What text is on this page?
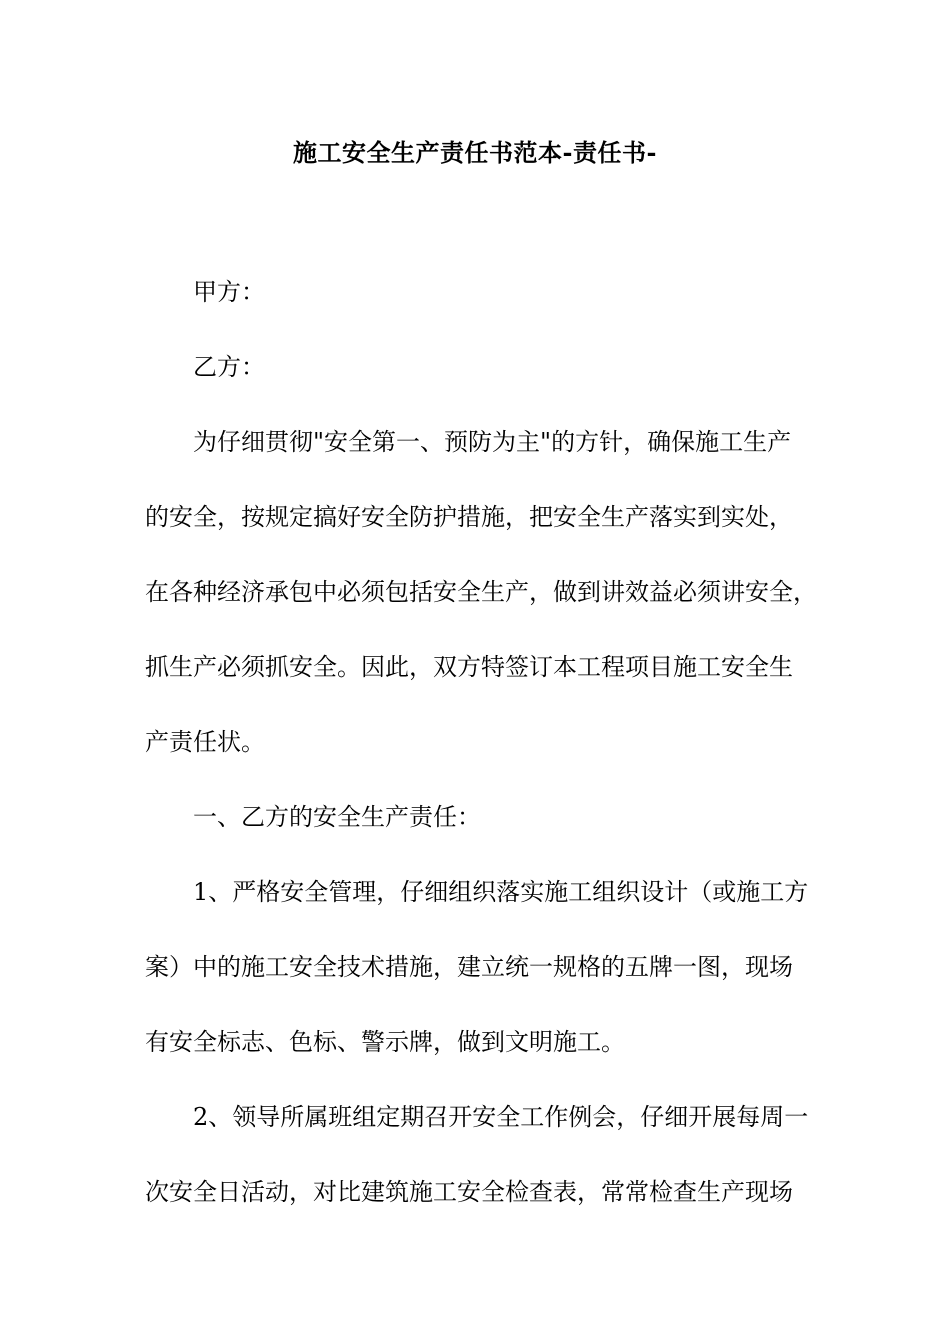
施工安全生产责任书范本-责任书-

甲方：

乙方：

为仔细贯彻"安全第一、预防为主"的方针，确保施工生产
的安全，按规定搞好安全防护措施，把安全生产落实到实处，
在各种经济承包中必须包括安全生产，做到讲效益必须讲安全，
抓生产必须抓安全。因此，双方特签订本工程项目施工安全生
产责任状。

一、乙方的安全生产责任：

1、严格安全管理，仔细组织落实施工组织设计（或施工方
案）中的施工安全技术措施，建立统一规格的五牌一图，现场
有安全标志、色标、警示牌，做到文明施工。

2、领导所属班组定期召开安全工作例会，仔细开展每周一
次安全日活动，对比建筑施工安全检查表，常常检查生产现场
